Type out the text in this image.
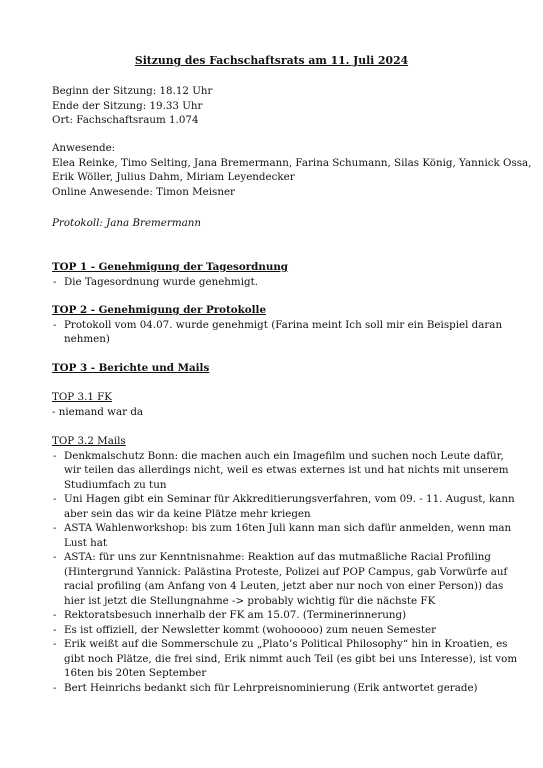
Sitzung des Fachschaftsrats am 11. Juli 2024
Beginn der Sitzung: 18.12 Uhr
Ende der Sitzung: 19.33 Uhr
Ort: Fachschaftsraum 1.074
Anwesende:
Elea Reinke, Timo Selting, Jana Bremermann, Farina Schumann, Silas König, Yannick Ossa,
Erik Wöller, Julius Dahm, Miriam Leyendecker
Online Anwesende: Timon Meisner
Protokoll: Jana Bremermann
TOP 1 - Genehmigung der Tagesordnung
- Die Tagesordnung wurde genehmigt.
TOP 2 - Genehmigung der Protokolle
- Protokoll vom 04.07. wurde genehmigt (Farina meint Ich soll mir ein Beispiel daran nehmen)
TOP 3 - Berichte und Mails
TOP 3.1 FK
- niemand war da
TOP 3.2 Mails
- Denkmalschutz Bonn: die machen auch ein Imagefilm und suchen noch Leute dafür, wir teilen das allerdings nicht, weil es etwas externes ist und hat nichts mit unserem Studiumfach zu tun
- Uni Hagen gibt ein Seminar für Akkreditierungsverfahren, vom 09. - 11. August, kann aber sein das wir da keine Plätze mehr kriegen
- ASTA Wahlenworkshop: bis zum 16ten Juli kann man sich dafür anmelden, wenn man Lust hat
- ASTA: für uns zur Kenntnisnahme: Reaktion auf das mutmaßliche Racial Profiling (Hintergrund Yannick: Palästina Proteste, Polizei auf POP Campus, gab Vorwürfe auf racial profiling (am Anfang von 4 Leuten, jetzt aber nur noch von einer Person)) das hier ist jetzt die Stellungnahme -> probably wichtig für die nächste FK
- Rektoratsbesuch innerhalb der FK am 15.07. (Terminerinnerung)
- Es ist offiziell, der Newsletter kommt (wohooooo) zum neuen Semester
- Erik weißt auf die Sommerschule zu „Plato’s Political Philosophy“ hin in Kroatien, es gibt noch Plätze, die frei sind, Erik nimmt auch Teil (es gibt bei uns Interesse), ist vom 16ten bis 20ten September
- Bert Heinrichs bedankt sich für Lehrpreisnominierung (Erik antwortet gerade)
